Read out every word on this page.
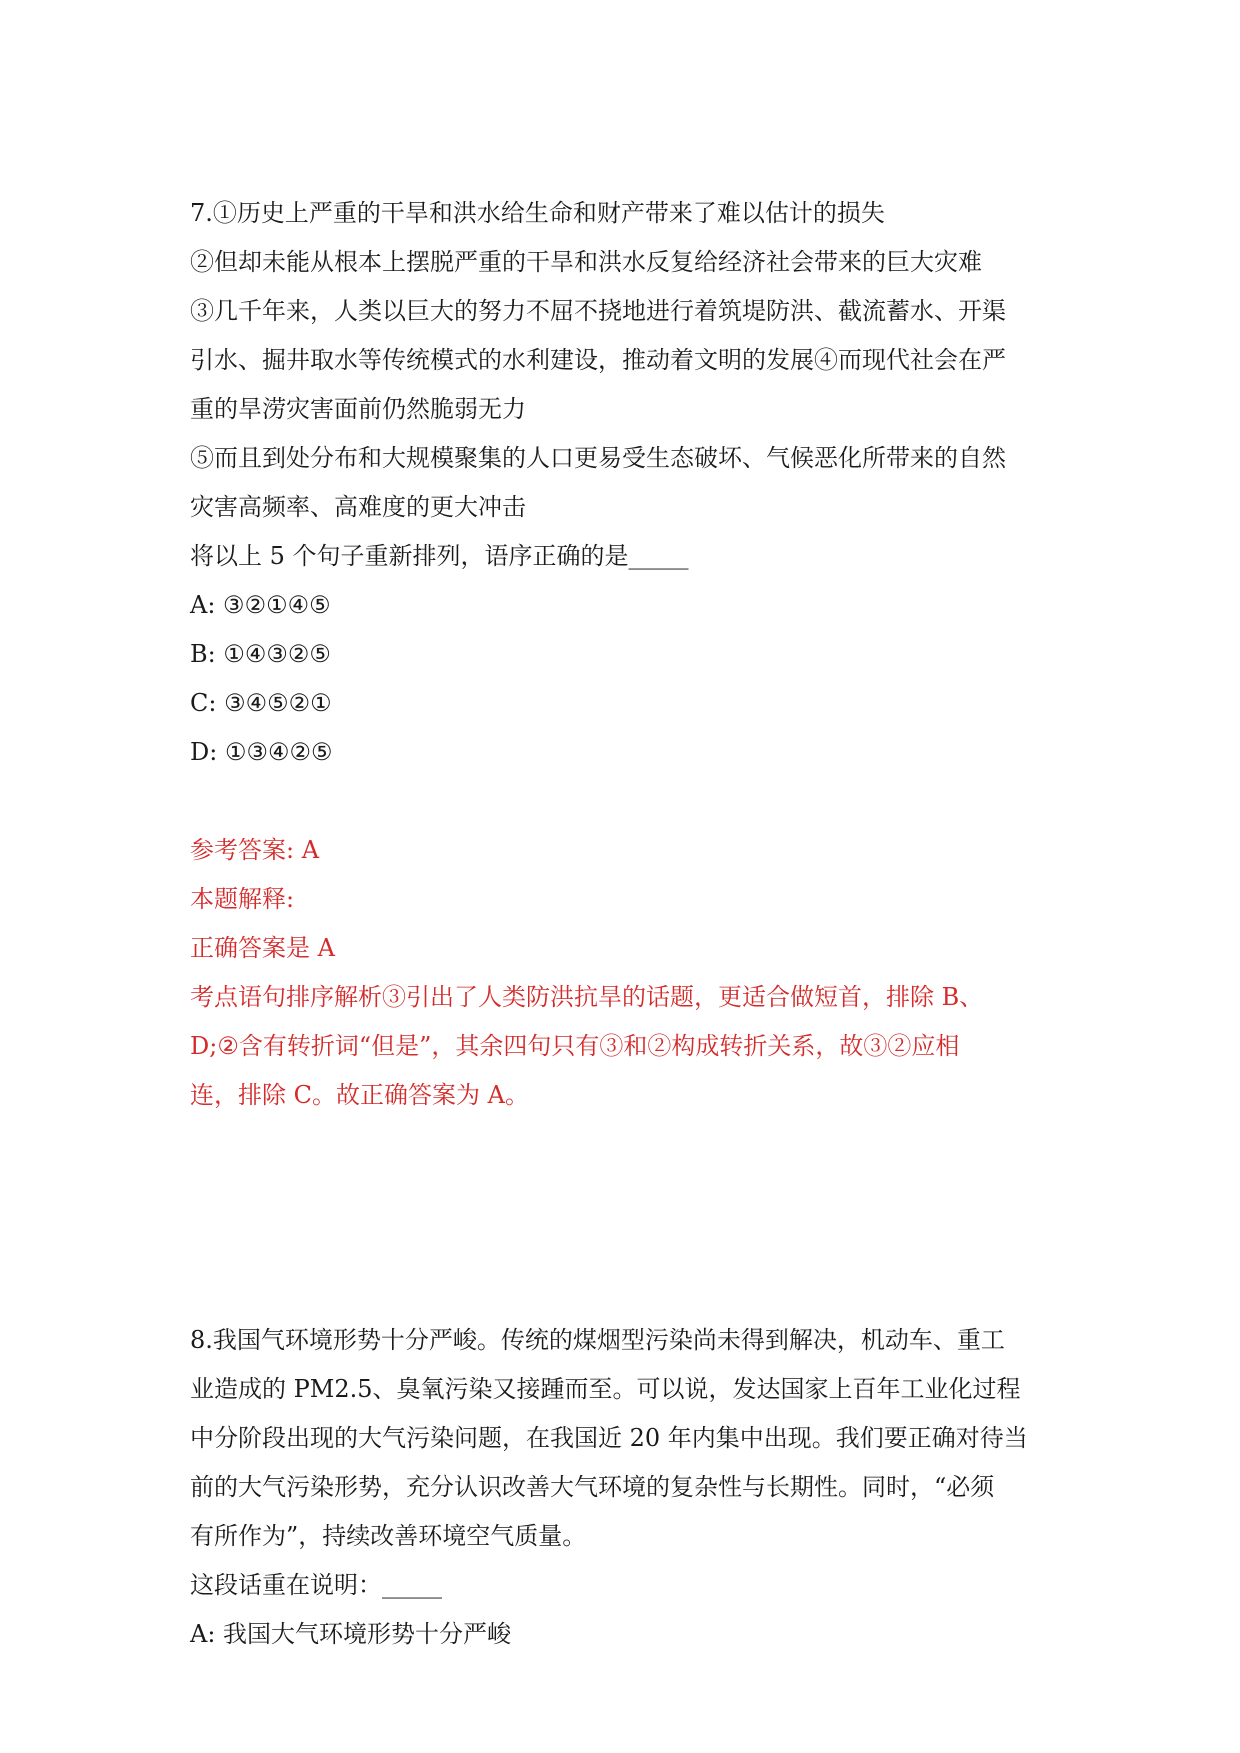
7.①历史上严重的干旱和洪水给生命和财产带来了难以估计的损失
②但却未能从根本上摆脱严重的干旱和洪水反复给经济社会带来的巨大灾难
③几千年来，人类以巨大的努力不屈不挠地进行着筑堤防洪、截流蓄水、开渠
引水、掘井取水等传统模式的水利建设，推动着文明的发展④而现代社会在严
重的旱涝灾害面前仍然脆弱无力
⑤而且到处分布和大规模聚集的人口更易受生态破坏、气候恶化所带来的自然
灾害高频率、高难度的更大冲击
将以上 5 个句子重新排列，语序正确的是_____
A: ③②①④⑤
B: ①④③②⑤
C: ③④⑤②①
D: ①③④②⑤
参考答案: A
本题解释:
正确答案是 A
考点语句排序解析③引出了人类防洪抗旱的话题，更适合做短首，排除 B、
D;②含有转折词“但是”，其余四句只有③和②构成转折关系，故③②应相
连，排除 C。故正确答案为 A。
8.我国气环境形势十分严峻。传统的煤烟型污染尚未得到解决，机动车、重工
业造成的 PM2.5、臭氧污染又接踵而至。可以说，发达国家上百年工业化过程
中分阶段出现的大气污染问题，在我国近 20 年内集中出现。我们要正确对待当
前的大气污染形势，充分认识改善大气环境的复杂性与长期性。同时，“必须
有所作为”，持续改善环境空气质量。
这段话重在说明：_____
A: 我国大气环境形势十分严峻
